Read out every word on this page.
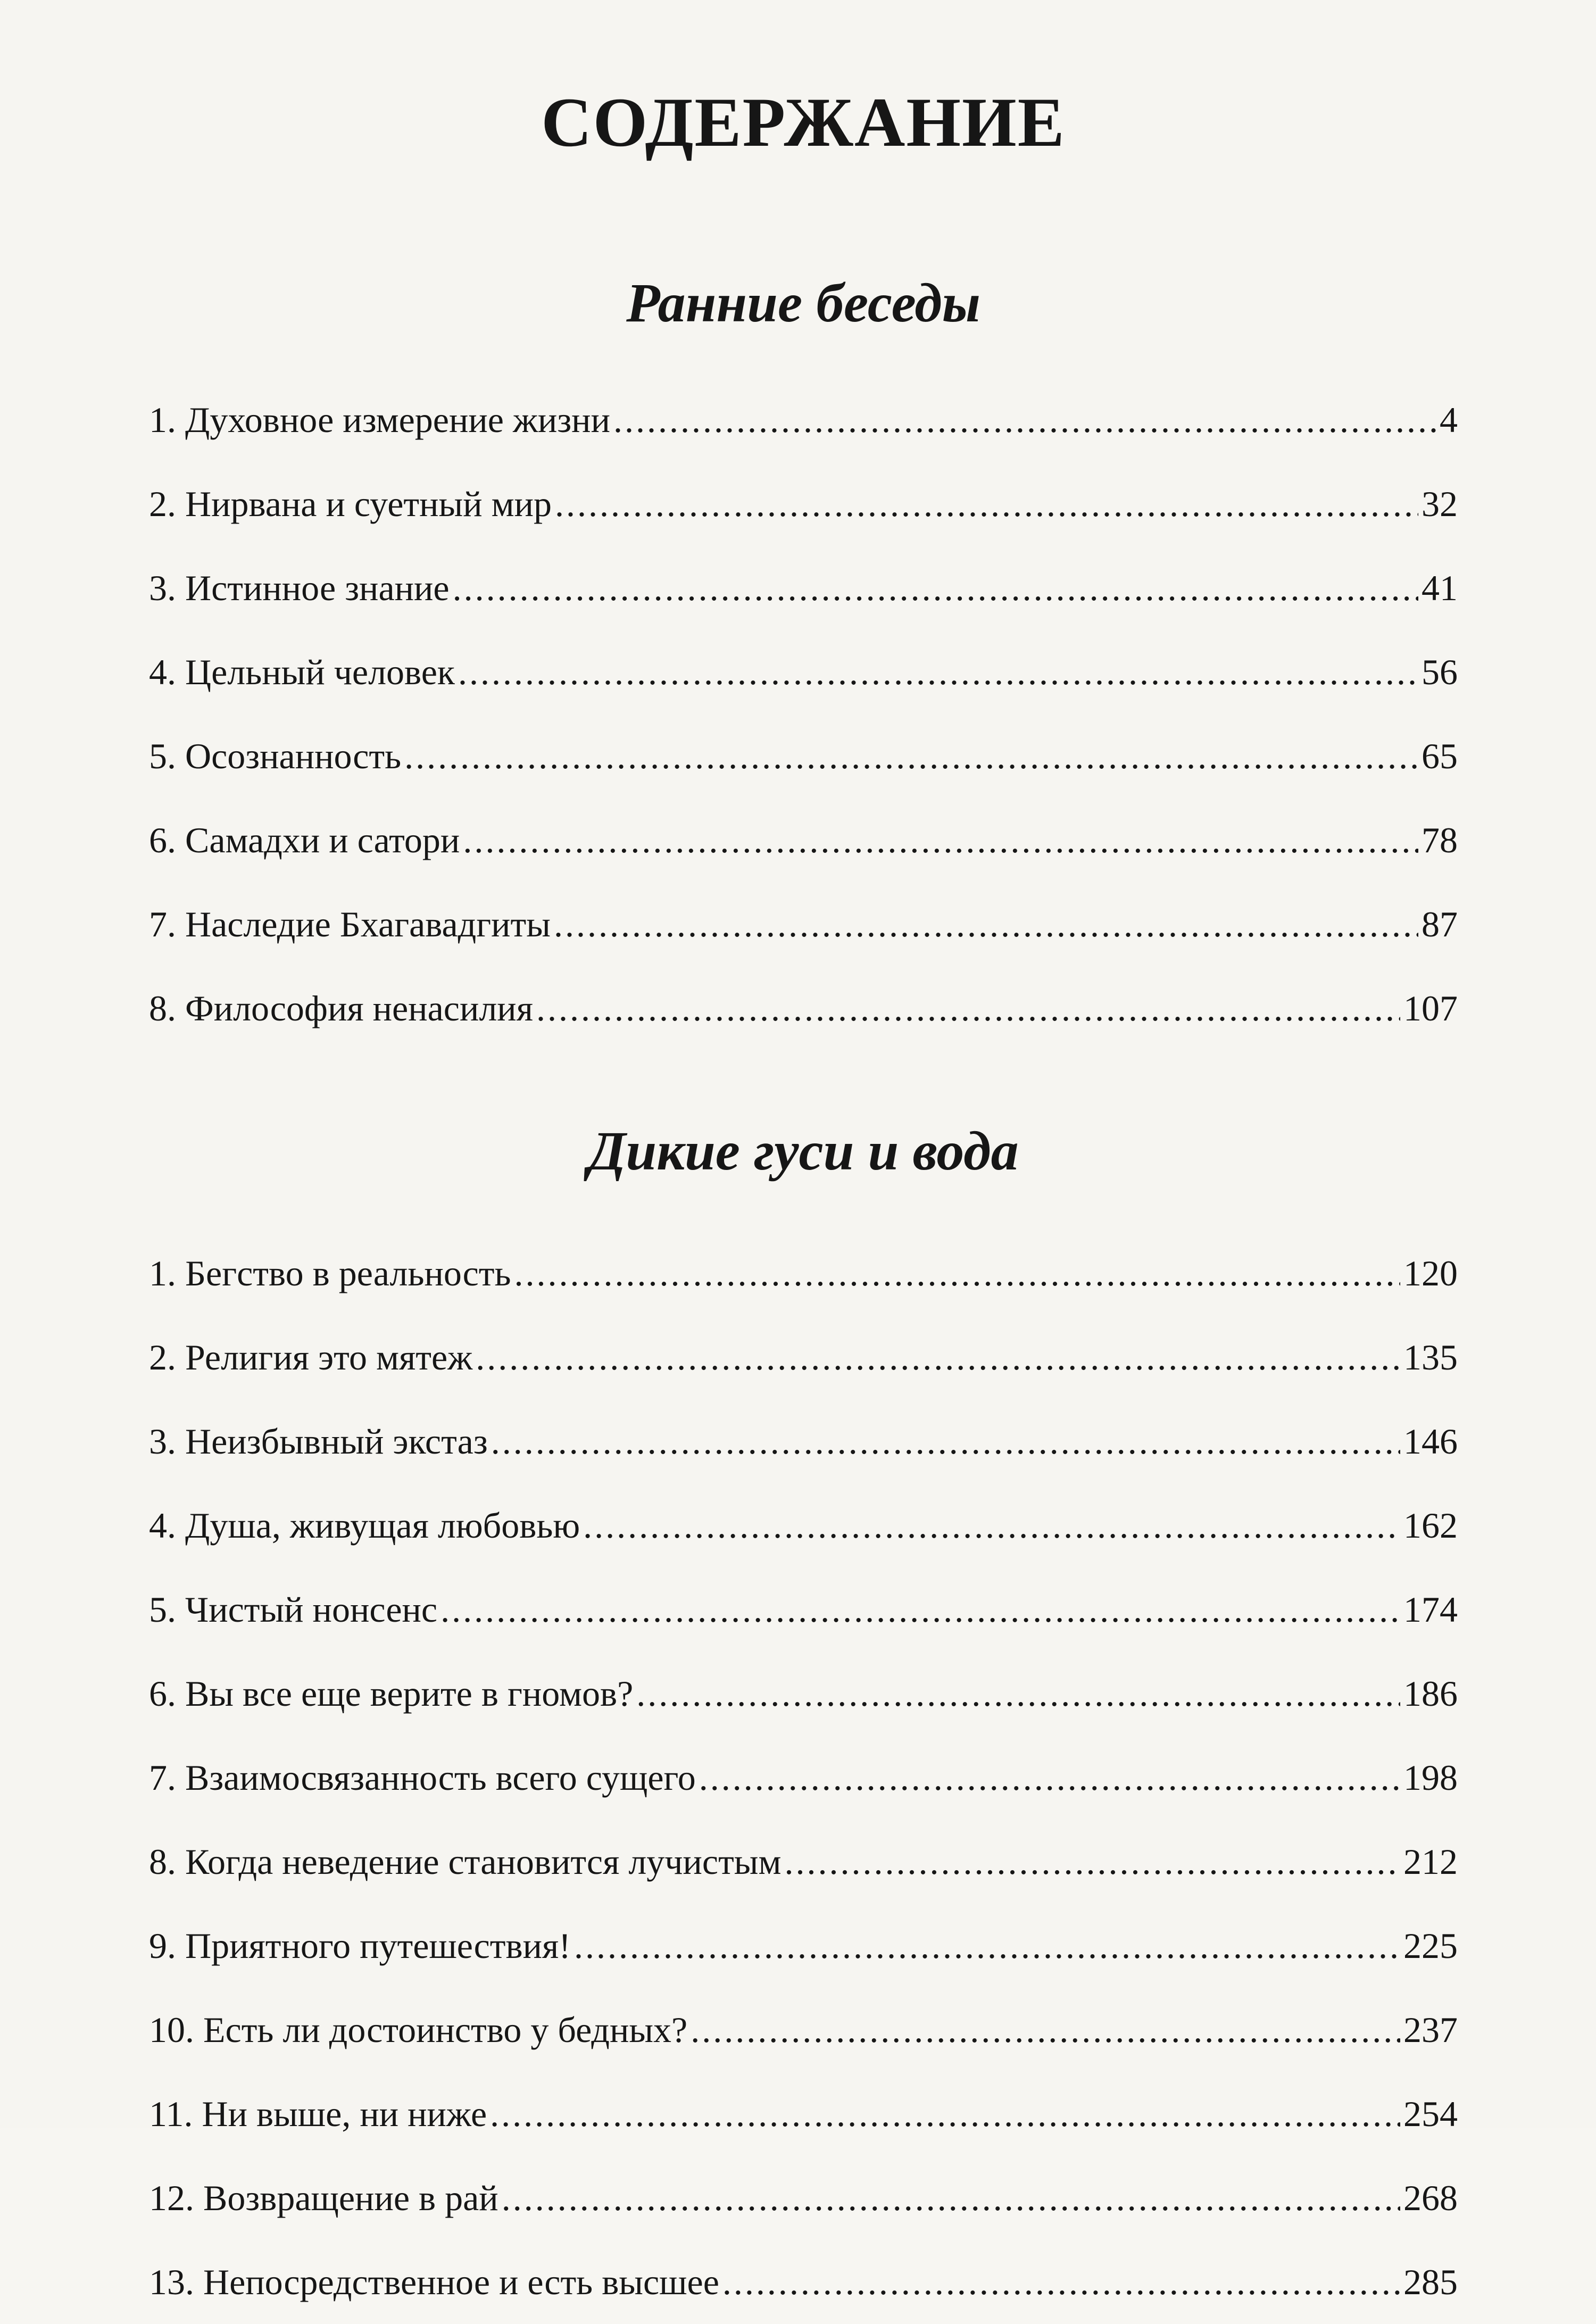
СОДЕРЖАНИЕ
Ранние беседы
1. Духовное измерение жизни .....	4
2. Нирвана и суетный мир .....	32
3. Истинное знание .....	41
4. Цельный человек .....	56
5. Осознанность .....	65
6. Самадхи и сатори .....	78
7. Наследие Бхагавадгиты .....	87
8. Философия ненасилия .....	107
Дикие гуси и вода
1. Бегство в реальность .....	120
2. Религия это мятеж .....	135
3. Неизбывный экстаз .....	146
4. Душа, живущая любовью .....	162
5. Чистый нонсенс .....	174
6. Вы все еще верите в гномов? .....	186
7. Взаимосвязанность всего сущего .....	198
8. Когда неведение становится лучистым .....	212
9. Приятного путешествия! .....	225
10. Есть ли достоинство у бедных? .....	237
11. Ни выше, ни ниже .....	254
12. Возвращение в рай .....	268
13. Непосредственное и есть высшее .....	285
